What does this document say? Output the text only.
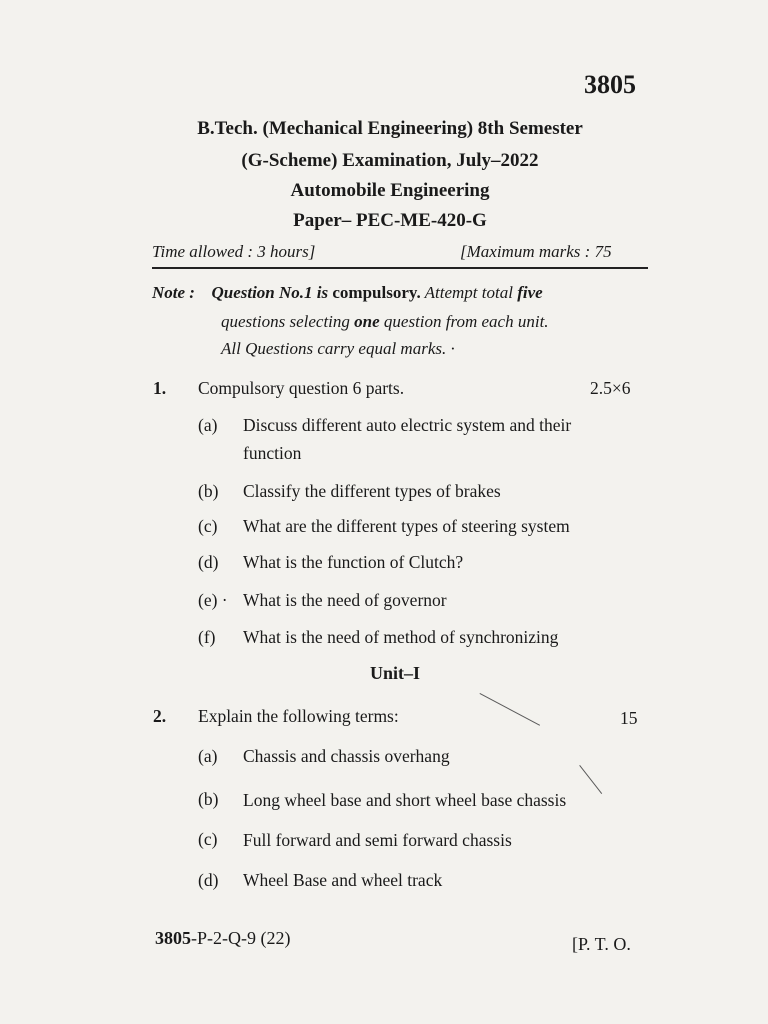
3805
B.Tech. (Mechanical Engineering) 8th Semester
(G-Scheme) Examination, July–2022
Automobile Engineering
Paper– PEC-ME-420-G
Time allowed : 3 hours]	[Maximum marks : 75
Note : Question No.1 is compulsory. Attempt total five
questions selecting one question from each unit.
All Questions carry equal marks. ·
1. Compulsory question 6 parts.	2.5×6
(a) Discuss different auto electric system and their
function
(b) Classify the different types of brakes
(c) What are the different types of steering system
(d) What is the function of Clutch?
(e) · What is the need of governor
(f) What is the need of method of synchronizing
Unit–I
2. Explain the following terms:	15
(a) Chassis and chassis overhang
(b) Long wheel base and short wheel base chassis
(c) Full forward and semi forward chassis
(d) Wheel Base and wheel track
3805-P-2-Q-9 (22)	[P. T. O.
